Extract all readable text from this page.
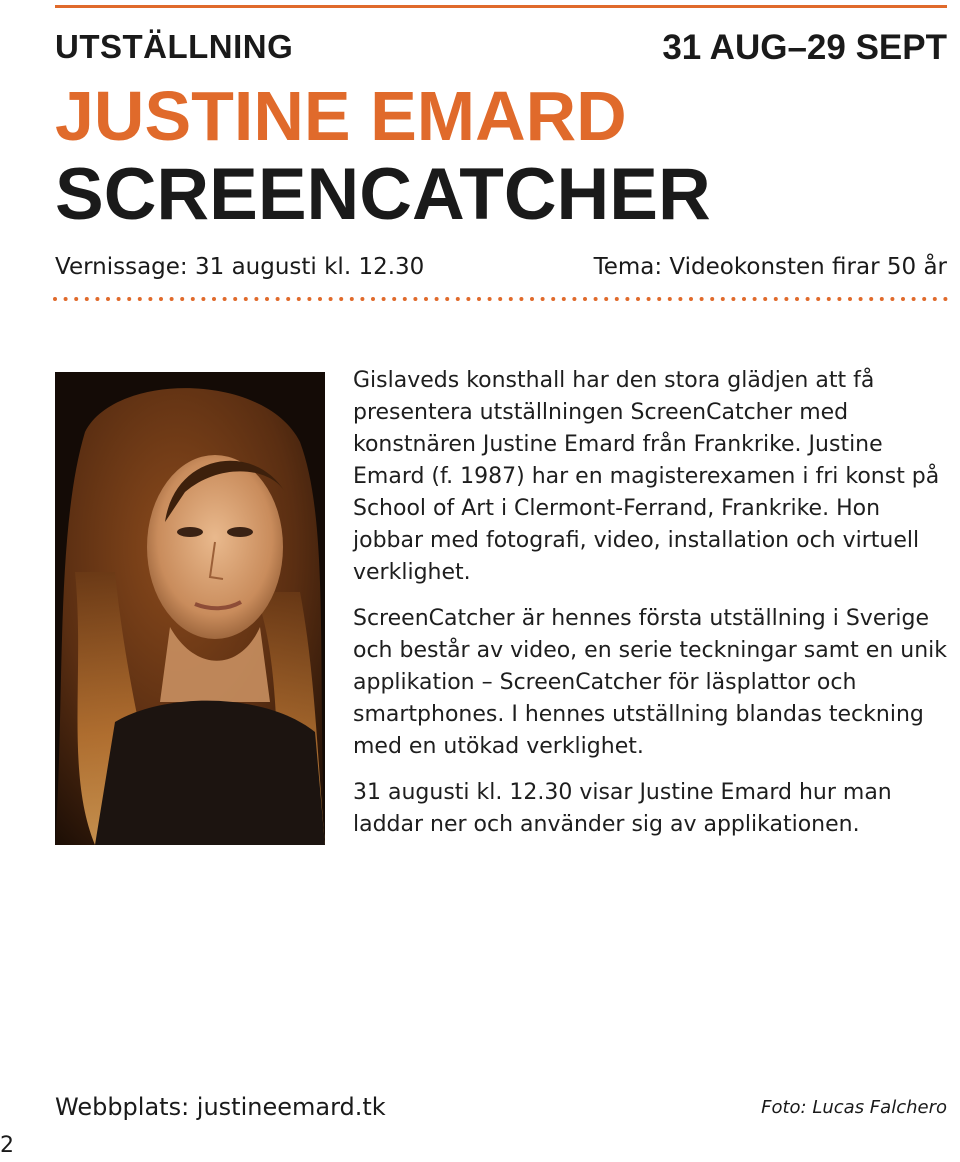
UTSTÄLLNING	31 AUG–29 SEPT
JUSTINE EMARD
SCREENCATCHER
Vernissage: 31 augusti kl. 12.30	Tema: Videokonsten firar 50 år

Gislaveds konsthall har den stora glädjen att få presentera utställningen ScreenCatcher med konstnären Justine Emard från Frankrike. Justine Emard (f. 1987) har en magisterexamen i fri konst på School of Art i Clermont-Ferrand, Frankrike. Hon jobbar med fotografi, video, installation och virtuell verklighet.

ScreenCatcher är hennes första utställning i Sverige och består av video, en serie teckningar samt en unik applikation – ScreenCatcher för läsplattor och smartphones. I hennes utställning blandas teckning med en utökad verklighet.

31 augusti kl. 12.30 visar Justine Emard hur man laddar ner och använder sig av applikationen.

Webbplats: justineemard.tk	Foto: Lucas Falchero
2
